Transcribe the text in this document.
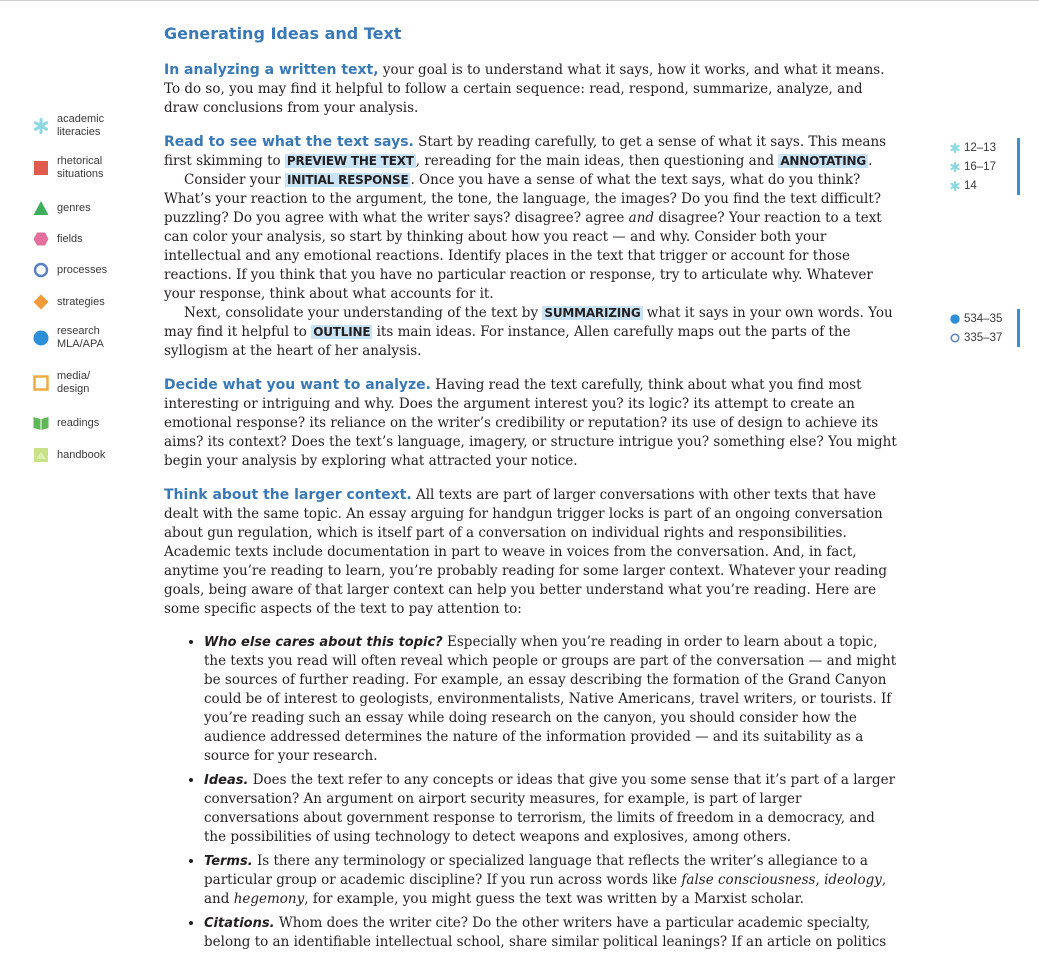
academic
literacies
rhetorical
situations
genres
fields
processes
strategies
research
MLA/APA
media/
design
readings
handbook
12–13
16–17
14
534–35
335–37
Generating Ideas and Text

In analyzing a written text, your goal is to understand what it says, how it works, and what it means. To do so, you may find it helpful to follow a certain sequence: read, respond, summarize, analyze, and draw conclusions from your analysis.

Read to see what the text says. Start by reading carefully, to get a sense of what it says. This means first skimming to PREVIEW THE TEXT , rereading for the main ideas, then questioning and ANNOTATING .

Consider your INITIAL RESPONSE . Once you have a sense of what the text says, what do you think? What’s your reaction to the argument, the tone, the language, the images? Do you find the text difficult? puzzling? Do you agree with what the writer says? disagree? agree and disagree? Your reaction to a text can color your analysis, so start by thinking about how you react — and why. Consider both your intellectual and any emotional reactions. Identify places in the text that trigger or account for those reactions. If you think that you have no particular reaction or response, try to articulate why. Whatever your response, think about what accounts for it.

Next, consolidate your understanding of the text by SUMMARIZING what it says in your own words. You may find it helpful to OUTLINE its main ideas. For instance, Allen carefully maps out the parts of the syllogism at the heart of her analysis.

Decide what you want to analyze. Having read the text carefully, think about what you find most interesting or intriguing and why. Does the argument interest you? its logic? its attempt to create an emotional response? its reliance on the writer’s credibility or reputation? its use of design to achieve its aims? its context? Does the text’s language, imagery, or structure intrigue you? something else? You might begin your analysis by exploring what attracted your notice.

Think about the larger context. All texts are part of larger conversations with other texts that have dealt with the same topic. An essay arguing for handgun trigger locks is part of an ongoing conversation about gun regulation, which is itself part of a conversation on individual rights and responsibilities. Academic texts include documentation in part to weave in voices from the conversation. And, in fact, anytime you’re reading to learn, you’re probably reading for some larger context. Whatever your reading goals, being aware of that larger context can help you better understand what you’re reading. Here are some specific aspects of the text to pay attention to:

• Who else cares about this topic? Especially when you’re reading in order to learn about a topic, the texts you read will often reveal which people or groups are part of the conversation — and might be sources of further reading. For example, an essay describing the formation of the Grand Canyon could be of interest to geologists, environmentalists, Native Americans, travel writers, or tourists. If you’re reading such an essay while doing research on the canyon, you should consider how the audience addressed determines the nature of the information provided — and its suitability as a source for your research.
• Ideas. Does the text refer to any concepts or ideas that give you some sense that it’s part of a larger conversation? An argument on airport security measures, for example, is part of larger conversations about government response to terrorism, the limits of freedom in a democracy, and the possibilities of using technology to detect weapons and explosives, among others.
• Terms. Is there any terminology or specialized language that reflects the writer’s allegiance to a particular group or academic discipline? If you run across words like false consciousness, ideology, and hegemony, for example, you might guess the text was written by a Marxist scholar.
• Citations. Whom does the writer cite? Do the other writers have a particular academic specialty, belong to an identifiable intellectual school, share similar political leanings? If an article on politics
